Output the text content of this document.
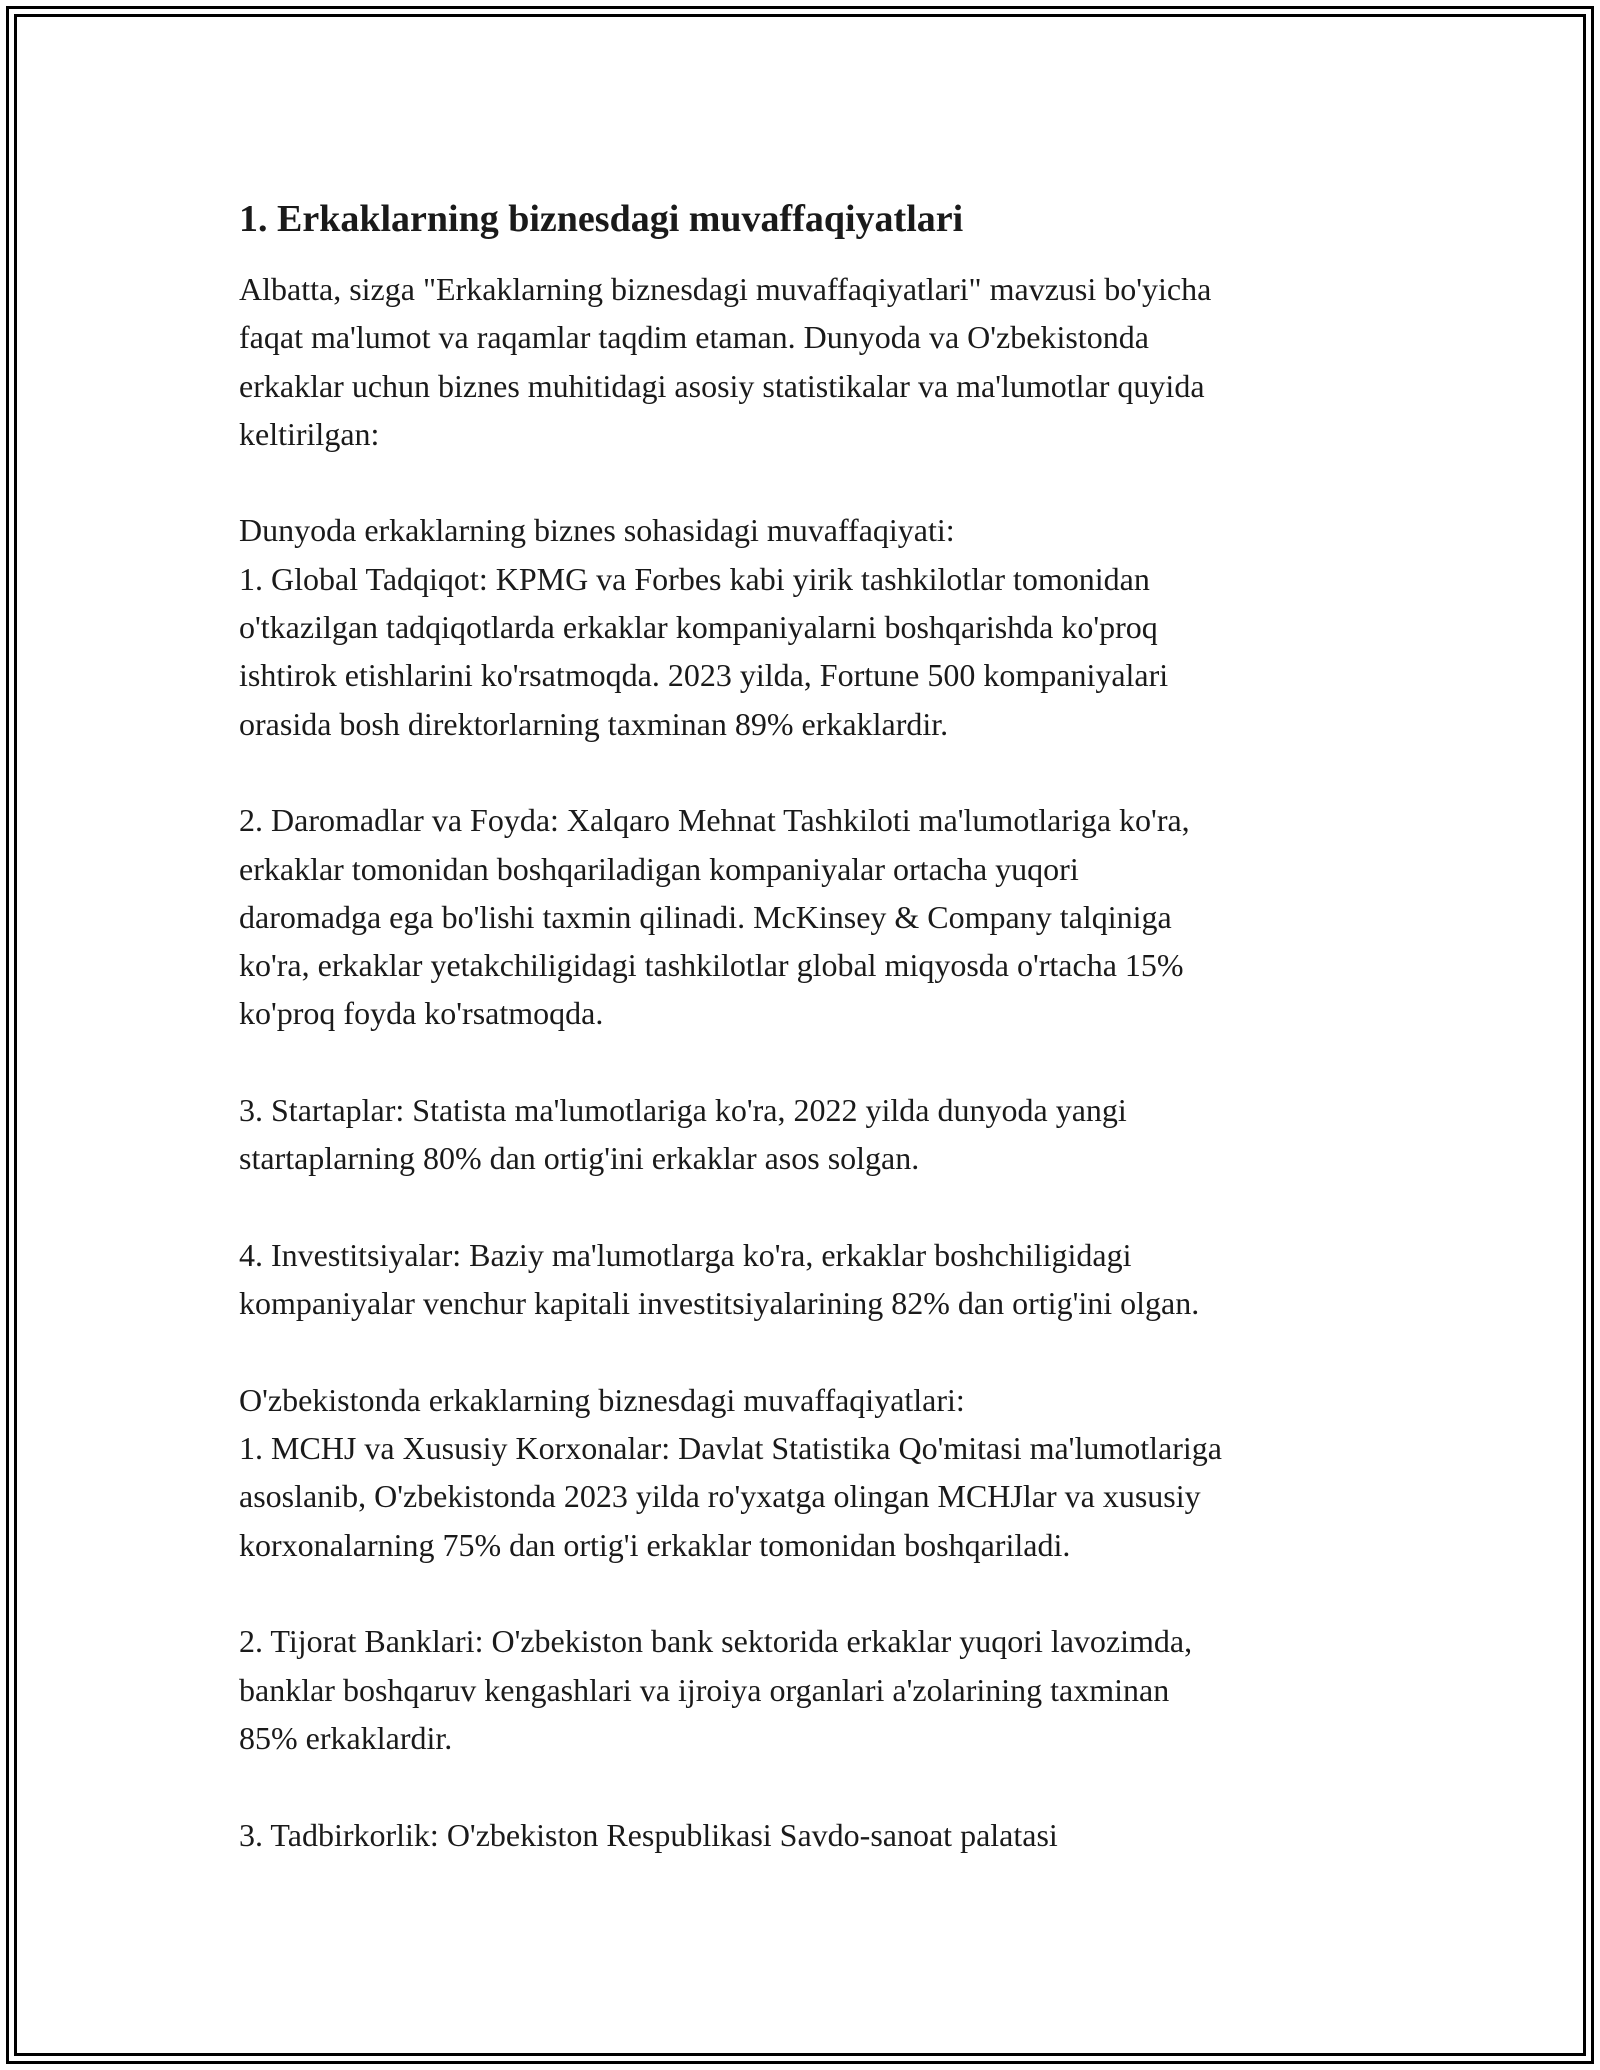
1. Erkaklarning biznesdagi muvaffaqiyatlari

Albatta, sizga "Erkaklarning biznesdagi muvaffaqiyatlari" mavzusi bo'yicha
faqat ma'lumot va raqamlar taqdim etaman. Dunyoda va O'zbekistonda
erkaklar uchun biznes muhitidagi asosiy statistikalar va ma'lumotlar quyida
keltirilgan:

Dunyoda erkaklarning biznes sohasidagi muvaffaqiyati:
1. Global Tadqiqot: KPMG va Forbes kabi yirik tashkilotlar tomonidan
o'tkazilgan tadqiqotlarda erkaklar kompaniyalarni boshqarishda ko'proq
ishtirok etishlarini ko'rsatmoqda. 2023 yilda, Fortune 500 kompaniyalari
orasida bosh direktorlarning taxminan 89% erkaklardir.

2. Daromadlar va Foyda: Xalqaro Mehnat Tashkiloti ma'lumotlariga ko'ra,
erkaklar tomonidan boshqariladigan kompaniyalar ortacha yuqori
daromadga ega bo'lishi taxmin qilinadi. McKinsey & Company talqiniga
ko'ra, erkaklar yetakchiligidagi tashkilotlar global miqyosda o'rtacha 15%
ko'proq foyda ko'rsatmoqda.

3. Startaplar: Statista ma'lumotlariga ko'ra, 2022 yilda dunyoda yangi
startaplarning 80% dan ortig'ini erkaklar asos solgan.

4. Investitsiyalar: Baziy ma'lumotlarga ko'ra, erkaklar boshchiligidagi
kompaniyalar venchur kapitali investitsiyalarining 82% dan ortig'ini olgan.

O'zbekistonda erkaklarning biznesdagi muvaffaqiyatlari:
1. MCHJ va Xususiy Korxonalar: Davlat Statistika Qo'mitasi ma'lumotlariga
asoslanib, O'zbekistonda 2023 yilda ro'yxatga olingan MCHJlar va xususiy
korxonalarning 75% dan ortig'i erkaklar tomonidan boshqariladi.

2. Tijorat Banklari: O'zbekiston bank sektorida erkaklar yuqori lavozimda,
banklar boshqaruv kengashlari va ijroiya organlari a'zolarining taxminan
85% erkaklardir.

3. Tadbirkorlik: O'zbekiston Respublikasi Savdo-sanoat palatasi
